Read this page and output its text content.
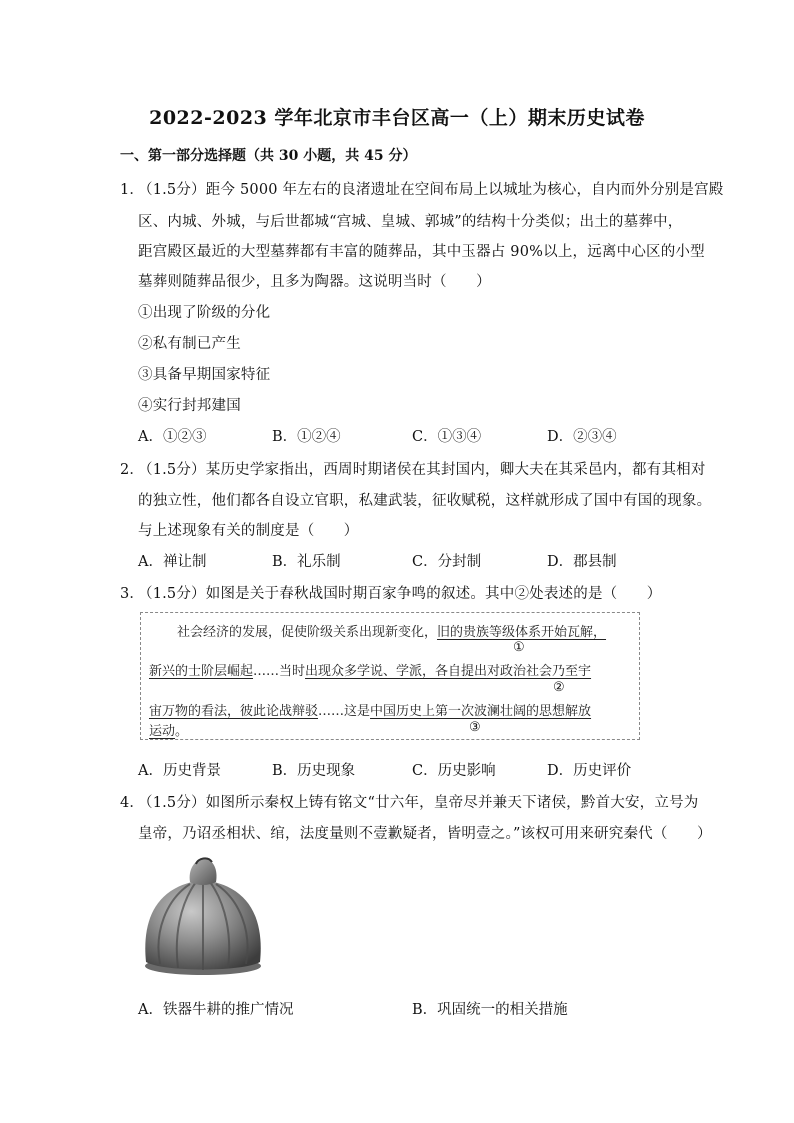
2022-2023 学年北京市丰台区高一（上）期末历史试卷
一、第一部分选择题（共 30 小题，共 45 分）
1．
（1.5分）距今 5000 年左右的良渚遗址在空间布局上以城址为核心，自内而外分别是宫殿
区、内城、外城，与后世都城“宫城、皇城、郭城”的结构十分类似；出土的墓葬中，
距宫殿区最近的大型墓葬都有丰富的随葬品，其中玉器占 90%以上，远离中心区的小型
墓葬则随葬品很少，且多为陶器。这说明当时（　　）
①出现了阶级的分化
②私有制已产生
③具备早期国家特征
④实行封邦建国
A．①②③	B．①②④	C．①③④	D．②③④
2．
（1.5分）某历史学家指出，西周时期诸侯在其封国内，卿大夫在其采邑内，都有其相对
的独立性，他们都各自设立官职，私建武装，征收赋税，这样就形成了国中有国的现象。
与上述现象有关的制度是（　　）
A．禅让制	B．礼乐制	C．分封制	D．郡县制
3．
（1.5分）如图是关于春秋战国时期百家争鸣的叙述。其中②处表述的是（　　）
社会经济的发展，促使阶级关系出现新变化，旧的贵族等级体系开始瓦解，
①
新兴的士阶层崛起……当时出现众多学说、学派，各自提出对政治社会乃至宇
②
宙万物的看法，彼此论战辩驳……这是中国历史上第一次波澜壮阔的思想解放
运动。	③
A．历史背景	B．历史现象	C．历史影响	D．历史评价
4．
（1.5分）如图所示秦权上铸有铭文“廿六年，皇帝尽并兼天下诸侯，黔首大安，立号为
皇帝，乃诏丞相状、绾，法度量则不壹歉疑者，皆明壹之。”该权可用来研究秦代（　　）
A．铁器牛耕的推广情况	B．巩固统一的相关措施
